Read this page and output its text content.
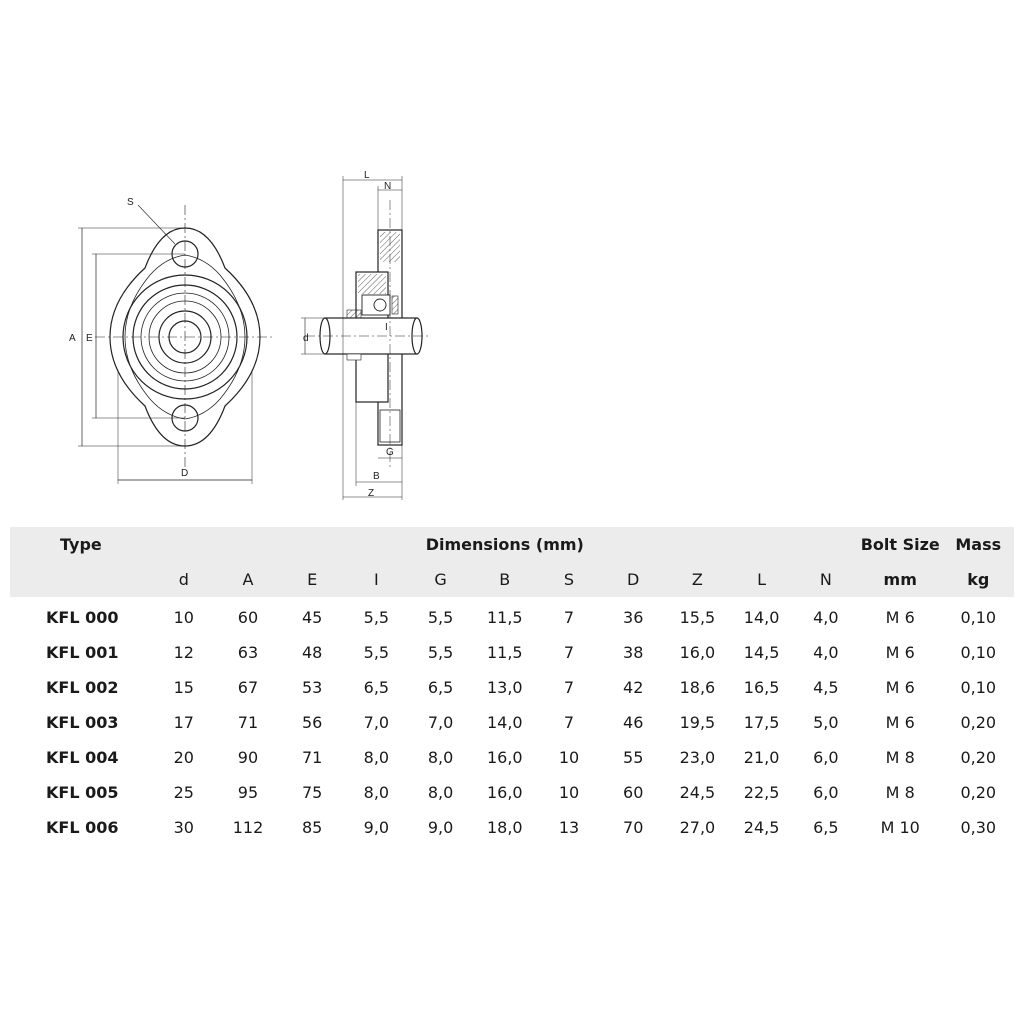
S
A E
D
L
N
d
I
G
B
Z
Type	Dimensions (mm)											Bolt Size	Mass
	d	A	E	I	G	B	S	D	Z	L	N	mm	kg
KFL 000	10	60	45	5,5	5,5	11,5	7	36	15,5	14,0	4,0	M 6	0,10
KFL 001	12	63	48	5,5	5,5	11,5	7	38	16,0	14,5	4,0	M 6	0,10
KFL 002	15	67	53	6,5	6,5	13,0	7	42	18,6	16,5	4,5	M 6	0,10
KFL 003	17	71	56	7,0	7,0	14,0	7	46	19,5	17,5	5,0	M 6	0,20
KFL 004	20	90	71	8,0	8,0	16,0	10	55	23,0	21,0	6,0	M 8	0,20
KFL 005	25	95	75	8,0	8,0	16,0	10	60	24,5	22,5	6,0	M 8	0,20
KFL 006	30	112	85	9,0	9,0	18,0	13	70	27,0	24,5	6,5	M 10	0,30
